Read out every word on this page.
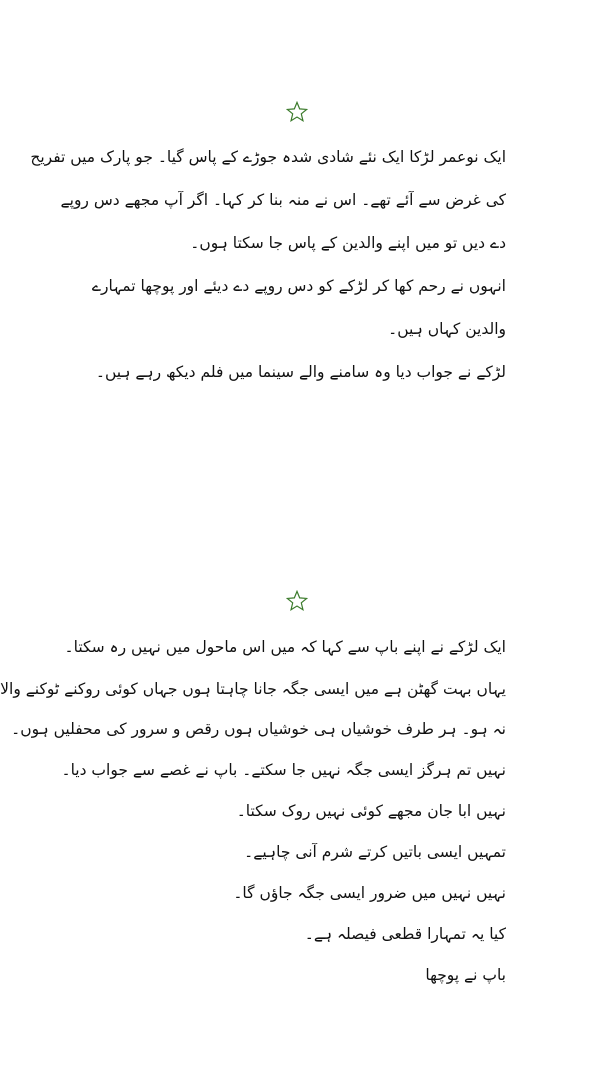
ایک نوعمر لڑکا ایک نئے شادی شدہ جوڑے کے پاس گیا۔ جو پارک میں تفریح
کی غرض سے آئے تھے۔ اس نے منہ بنا کر کہا۔ اگر آپ مجھے دس روپے
دے دیں تو میں اپنے والدین کے پاس جا سکتا ہوں۔
انہوں نے رحم کھا کر لڑکے کو دس روپے دے دیئے اور پوچھا تمہارے
والدین کہاں ہیں۔
لڑکے نے جواب دیا وہ سامنے والے سینما میں فلم دیکھ رہے ہیں۔
ایک لڑکے نے اپنے باپ سے کہا کہ میں اس ماحول میں نہیں رہ سکتا۔
یہاں بہت گھٹن ہے میں ایسی جگہ جانا چاہتا ہوں جہاں کوئی روکنے ٹوکنے والا
نہ ہو۔ ہر طرف خوشیاں ہی خوشیاں ہوں رقص و سرور کی محفلیں ہوں۔
نہیں تم ہرگز ایسی جگہ نہیں جا سکتے۔ باپ نے غصے سے جواب دیا۔
نہیں ابا جان مجھے کوئی نہیں روک سکتا۔
تمہیں ایسی باتیں کرتے شرم آنی چاہیے۔
نہیں نہیں میں ضرور ایسی جگہ جاؤں گا۔
کیا یہ تمہارا قطعی فیصلہ ہے۔
باپ نے پوچھا
